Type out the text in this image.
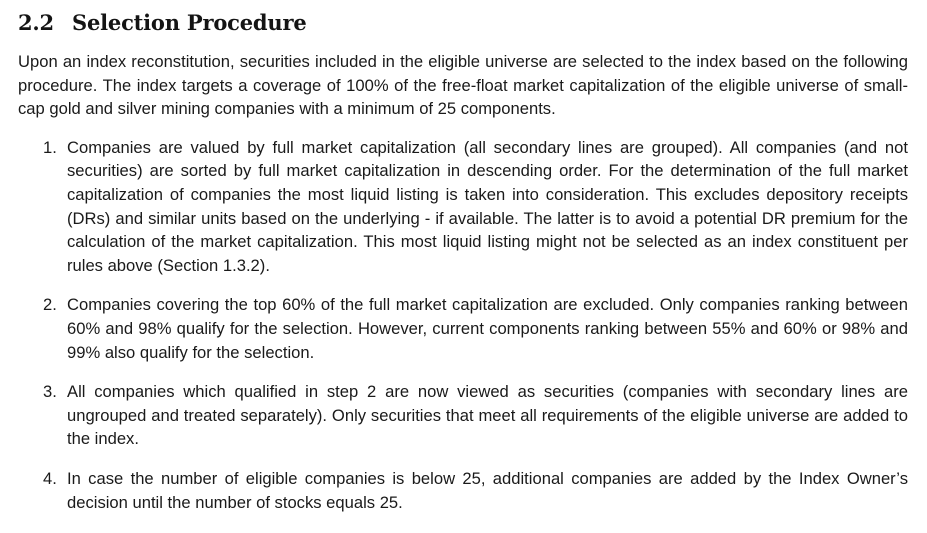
2.2 Selection Procedure

Upon an index reconstitution, securities included in the eligible universe are selected to the index based on the following procedure. The index targets a coverage of 100% of the free-float market capitalization of the eligible universe of small-cap gold and silver mining companies with a minimum of 25 components.

1. Companies are valued by full market capitalization (all secondary lines are grouped). All companies (and not securities) are sorted by full market capitalization in descending order. For the determination of the full market capitalization of companies the most liquid listing is taken into consideration. This excludes depository receipts (DRs) and similar units based on the underlying - if available. The latter is to avoid a potential DR premium for the calculation of the market capitalization. This most liquid listing might not be selected as an index constituent per rules above (Section 1.3.2).
2. Companies covering the top 60% of the full market capitalization are excluded. Only companies ranking between 60% and 98% qualify for the selection. However, current components ranking between 55% and 60% or 98% and 99% also qualify for the selection.
3. All companies which qualified in step 2 are now viewed as securities (companies with secondary lines are ungrouped and treated separately). Only securities that meet all requirements of the eligible universe are added to the index.
4. In case the number of eligible companies is below 25, additional companies are added by the Index Owner’s decision until the number of stocks equals 25.
